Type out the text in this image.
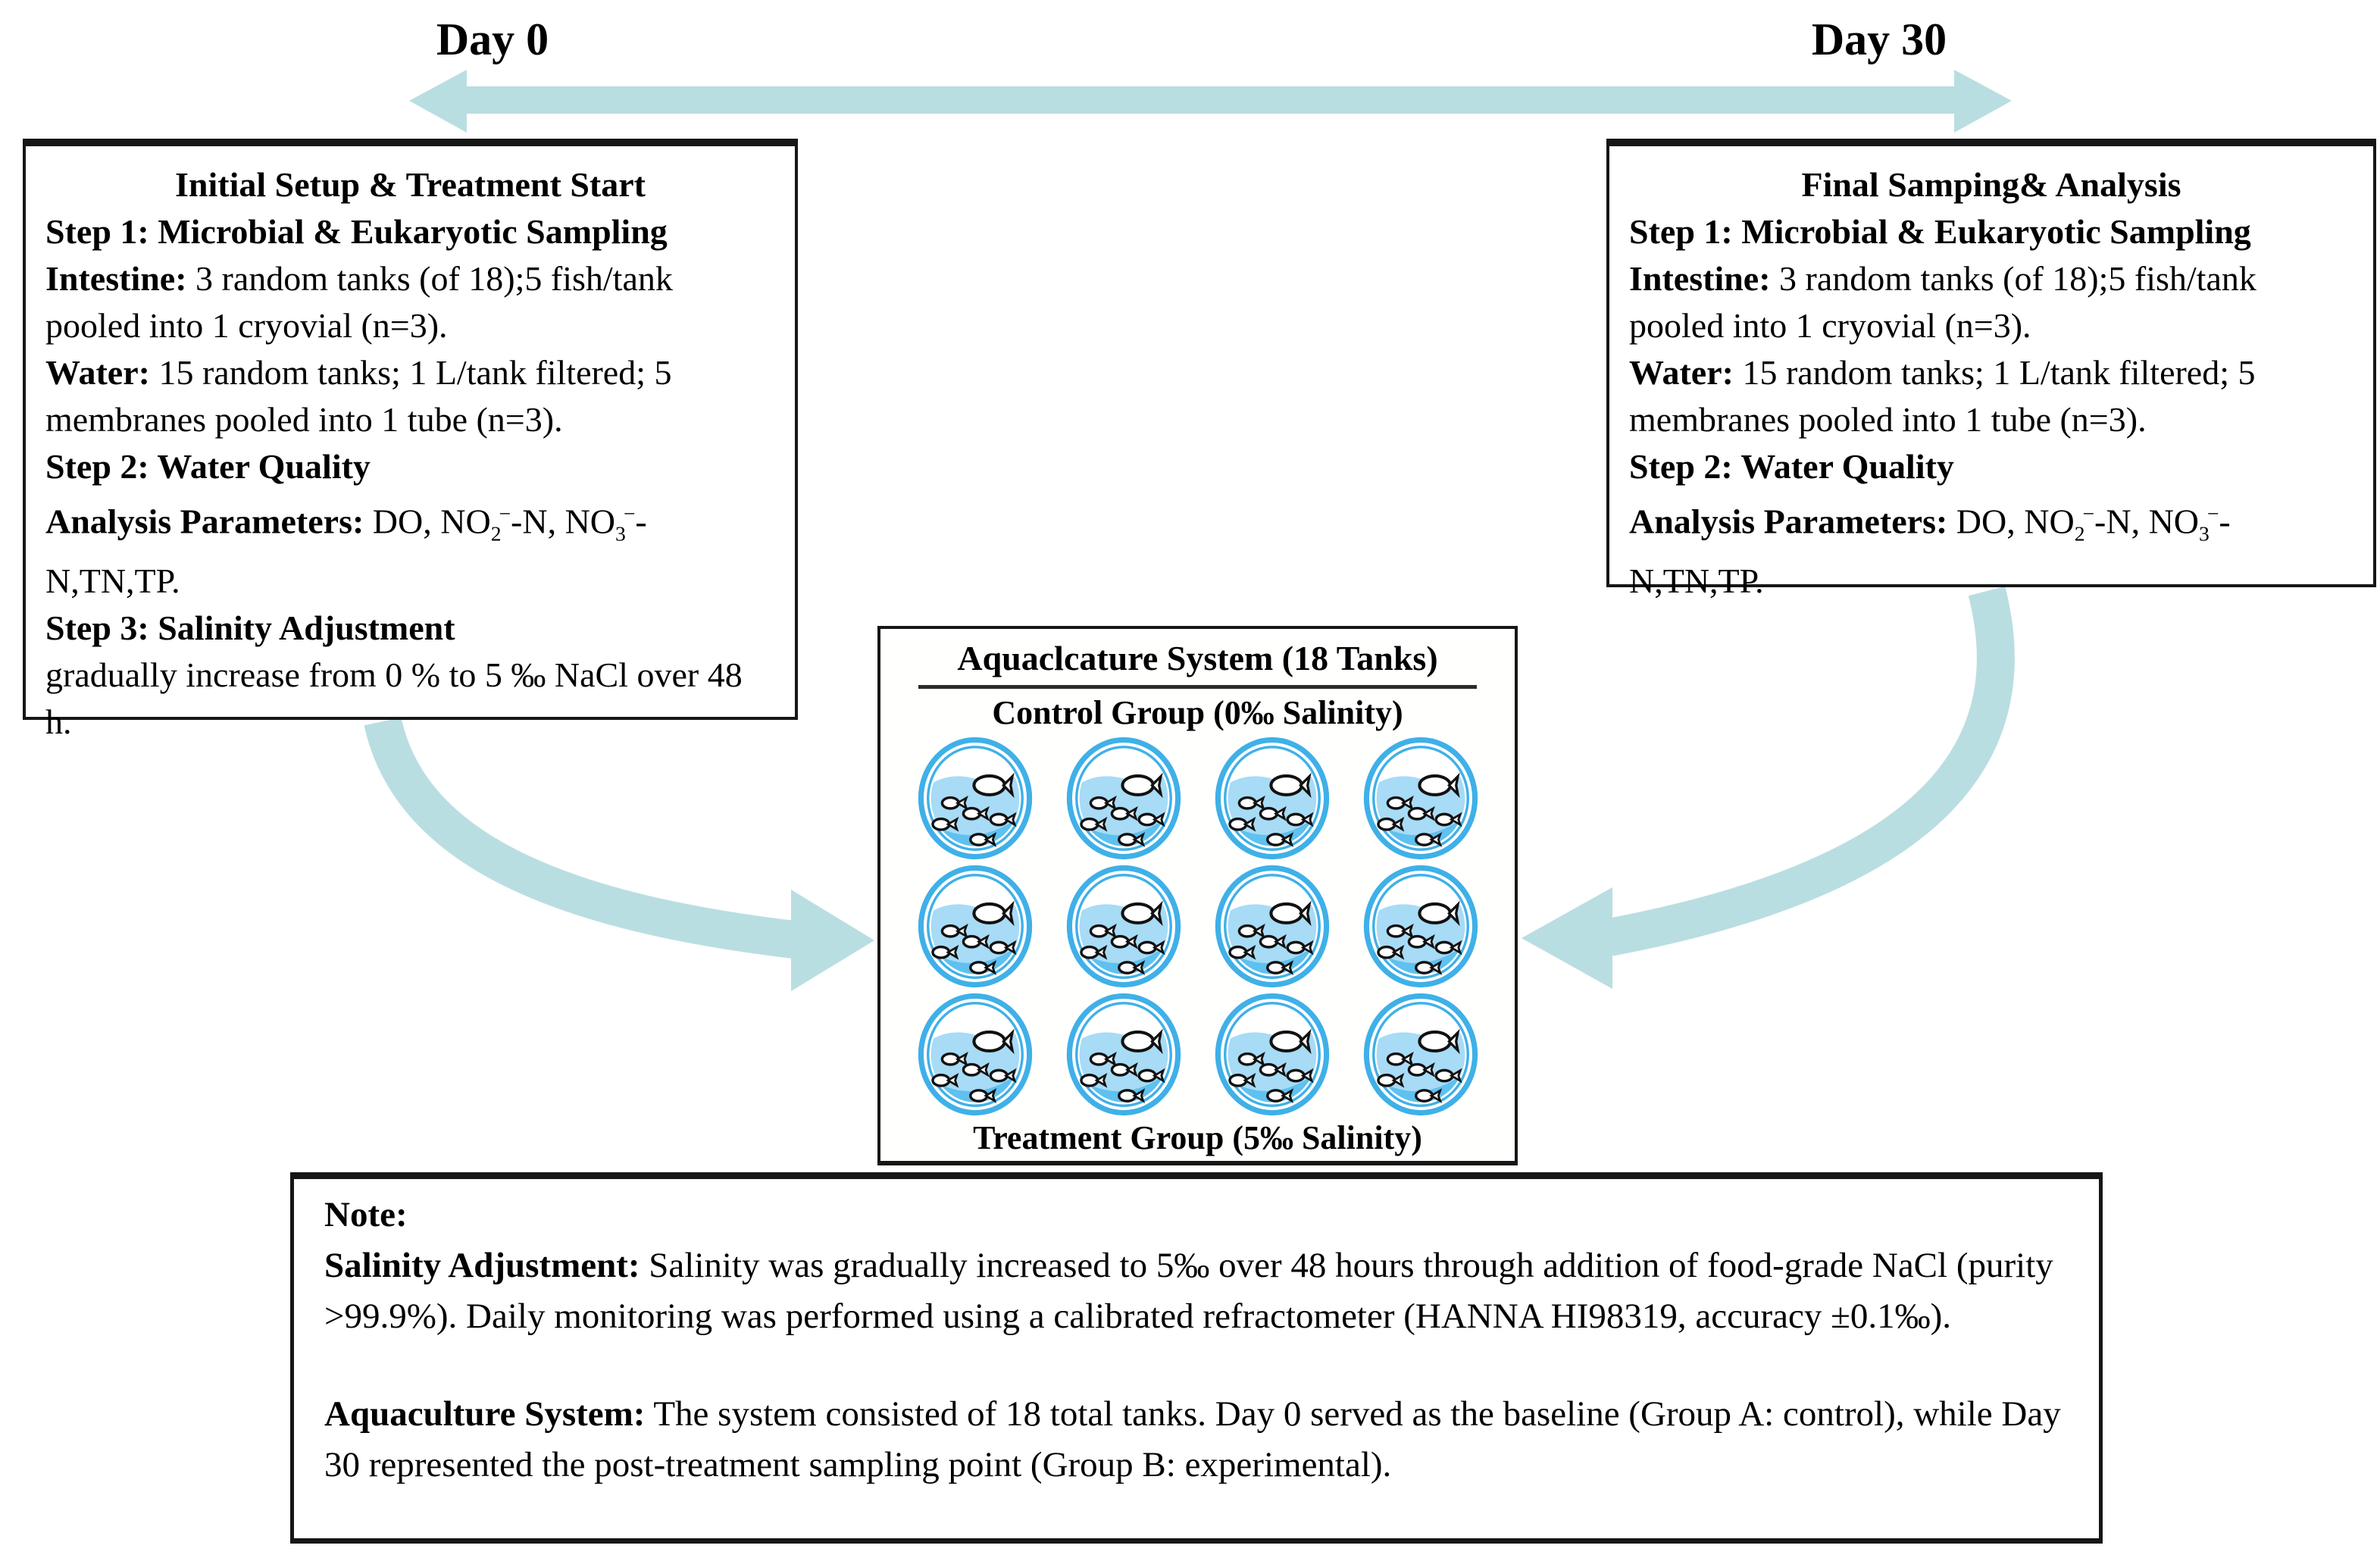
Day 0	Day 30
Initial Setup & Treatment Start
Step 1: Microbial & Eukaryotic Sampling
Intestine: 3 random tanks (of 18);5 fish/tank pooled into 1 cryovial (n=3).
Water: 15 random tanks; 1 L/tank filtered; 5 membranes pooled into 1 tube (n=3).
Step 2: Water Quality
Analysis Parameters: DO, $NO_2^--N$, $NO_3^--N,TN,TP$.
Step 3: Salinity Adjustment
gradually increase from 0 % to 5 ‰ NaCl over 48 h.
Final Samping& Analysis
Step 1: Microbial & Eukaryotic Sampling
Intestine: 3 random tanks (of 18);5 fish/tank pooled into 1 cryovial (n=3).
Water: 15 random tanks; 1 L/tank filtered; 5 membranes pooled into 1 tube (n=3).
Step 2: Water Quality
Analysis Parameters: DO, $NO_2^--N$, $NO_3^--N,TN,TP$.
Aquaclcature System (18 Tanks)
Control Group (0‰ Salinity)
Treatment Group (5‰ Salinity)
Note:
Salinity Adjustment: Salinity was gradually increased to 5‰ over 48 hours through addition of food-grade NaCl (purity >99.9%). Daily monitoring was performed using a calibrated refractometer (HANNA HI98319, accuracy ±0.1‰).
Aquaculture System: The system consisted of 18 total tanks. Day 0 served as the baseline (Group A: control), while Day 30 represented the post-treatment sampling point (Group B: experimental).
